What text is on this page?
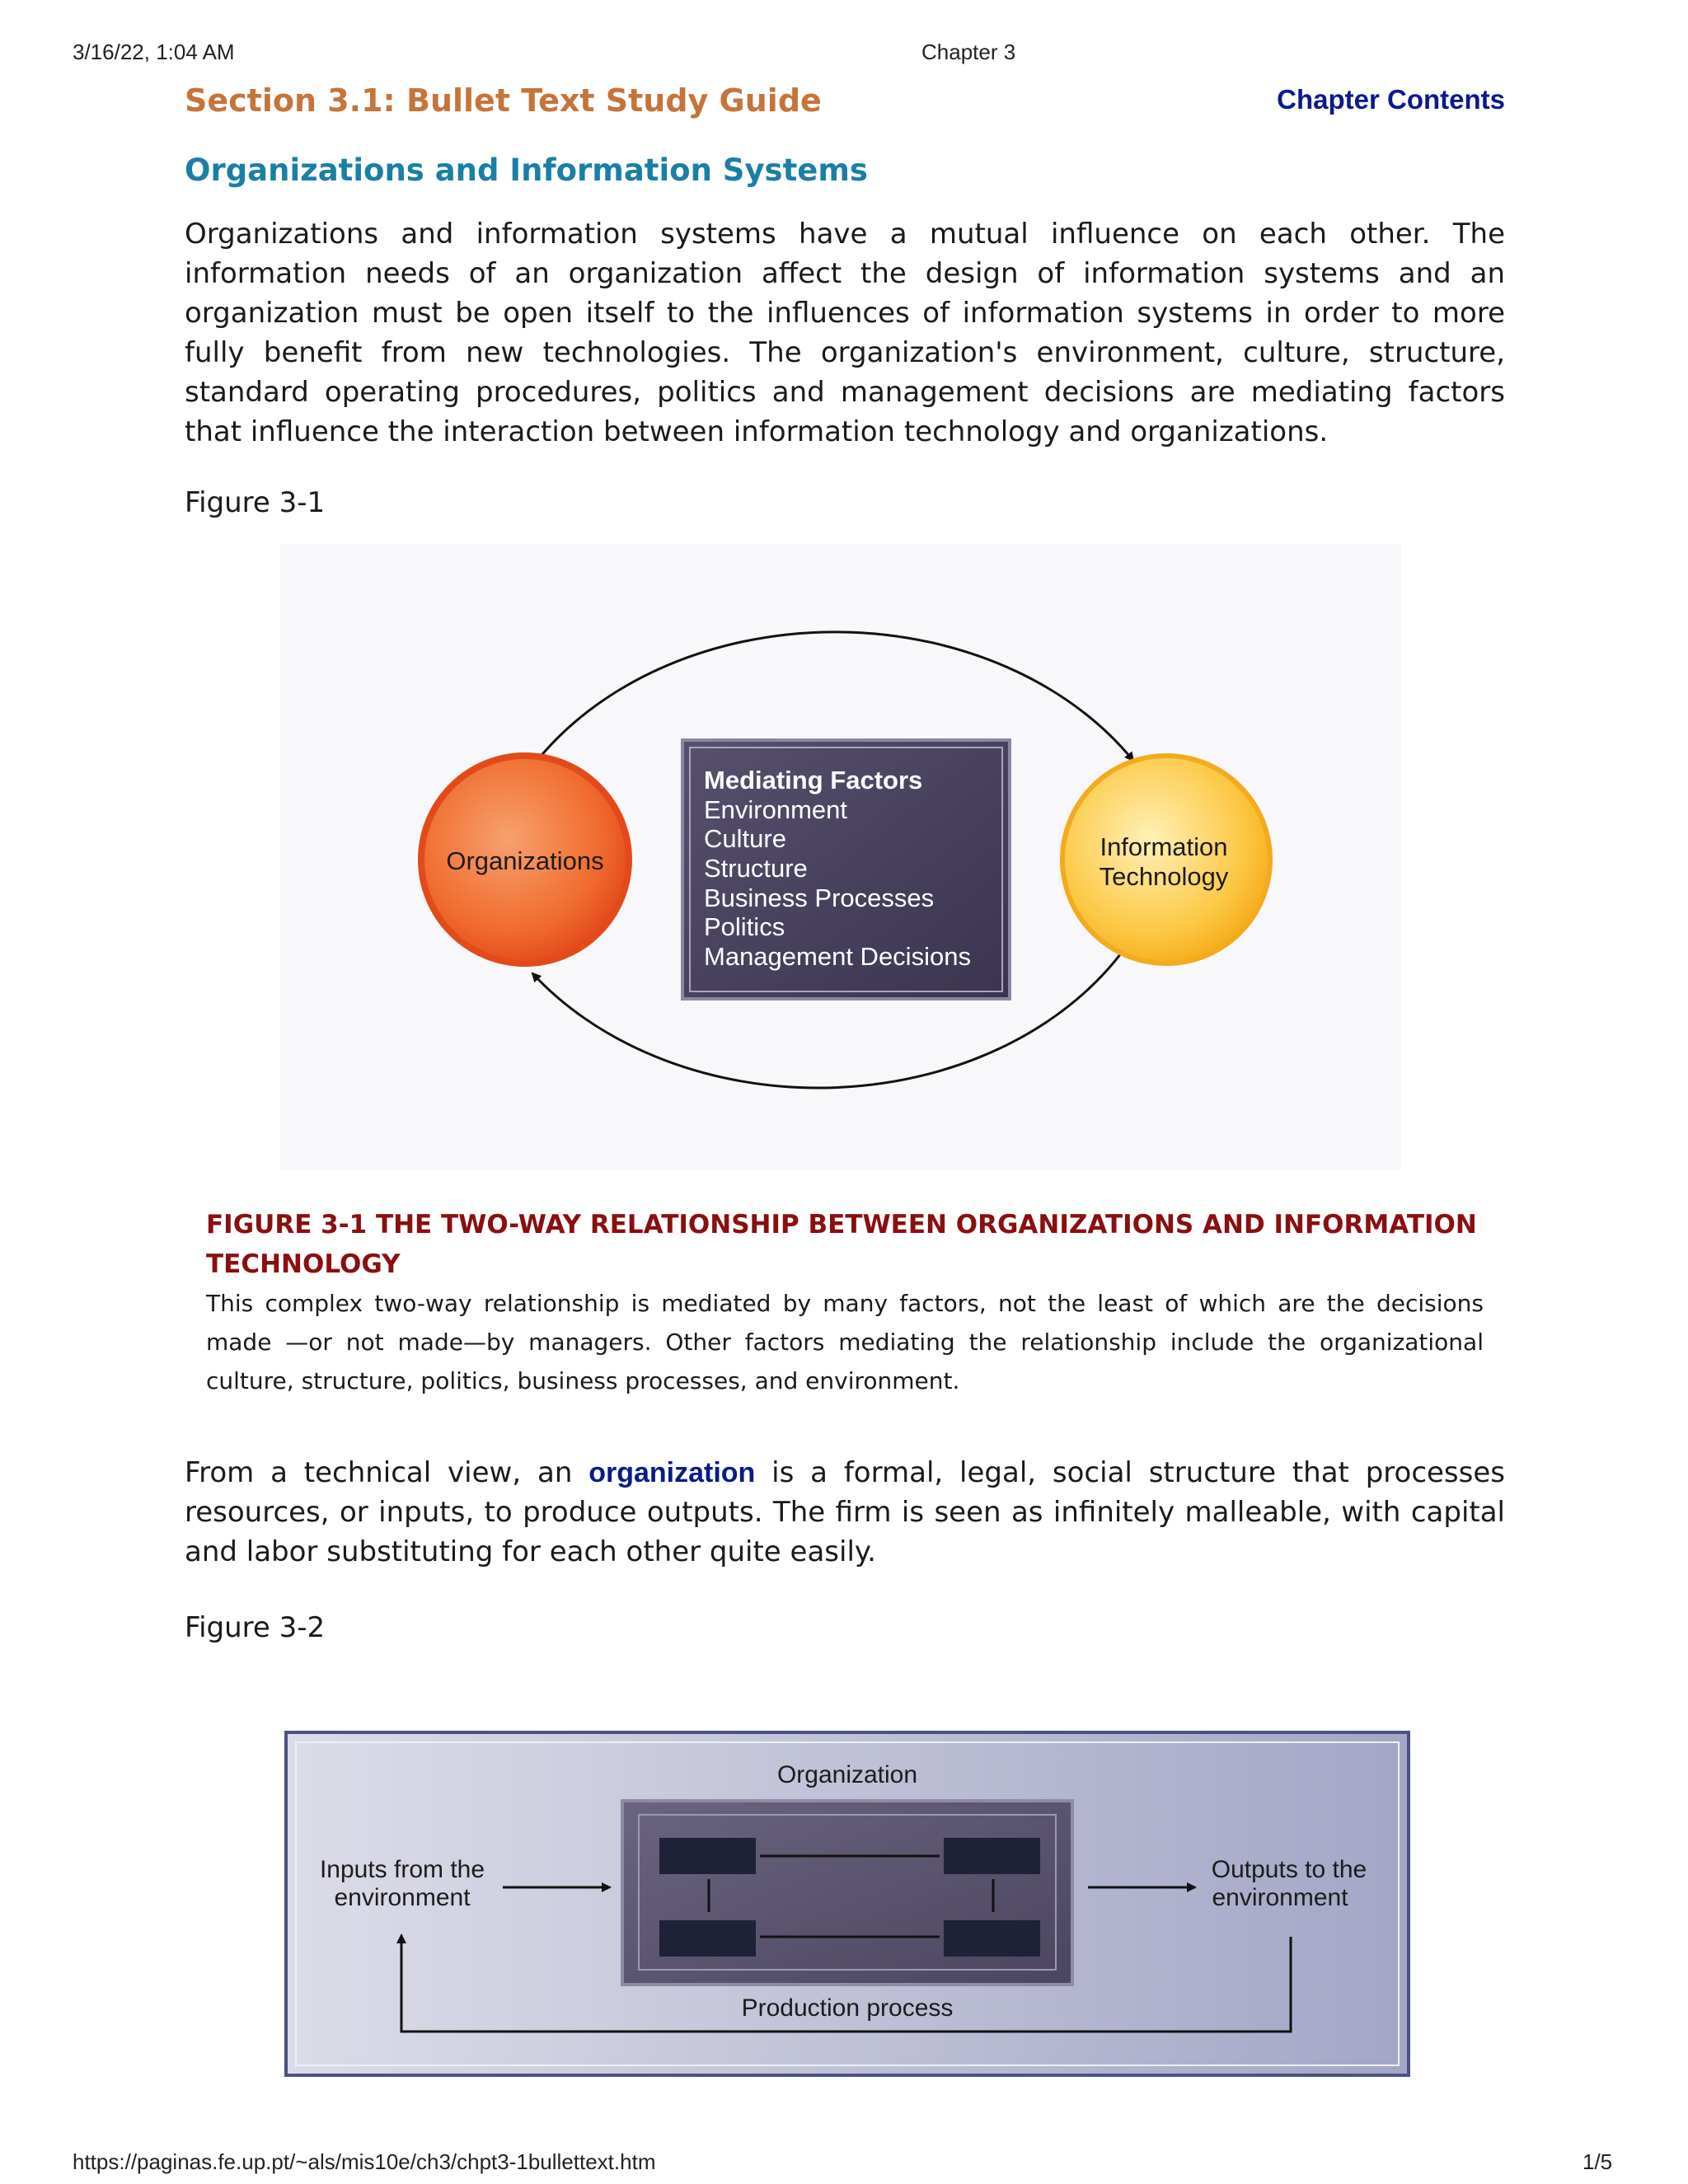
3/16/22, 1:04 AM	Chapter 3
Section 3.1: Bullet Text Study Guide	Chapter Contents
Organizations and Information Systems

Organizations and information systems have a mutual influence on each other. The information needs of an organization affect the design of information systems and an organization must be open itself to the influences of information systems in order to more fully benefit from new technologies. The organization's environment, culture, structure, standard operating procedures, politics and management decisions are mediating factors that influence the interaction between information technology and organizations.

Figure 3-1

From a technical view, an organization is a formal, legal, social structure that processes resources, or inputs, to produce outputs. The firm is seen as infinitely malleable, with capital and labor substituting for each other quite easily.

Figure 3-2
Organizations	Information
Technology
Mediating Factors
Environment
Culture
Structure
Business Processes
Politics
Management Decisions
FIGURE 3-1 THE TWO-WAY RELATIONSHIP BETWEEN ORGANIZATIONS AND INFORMATION TECHNOLOGY
This complex two-way relationship is mediated by many factors, not the least of which are the decisions made —or not made—by managers. Other factors mediating the relationship include the organizational culture, structure, politics, business processes, and environment.
Organization
Inputs from the
environment
Outputs to the
environment
Production process
https://paginas.fe.up.pt/~als/mis10e/ch3/chpt3-1bullettext.htm	1/5
